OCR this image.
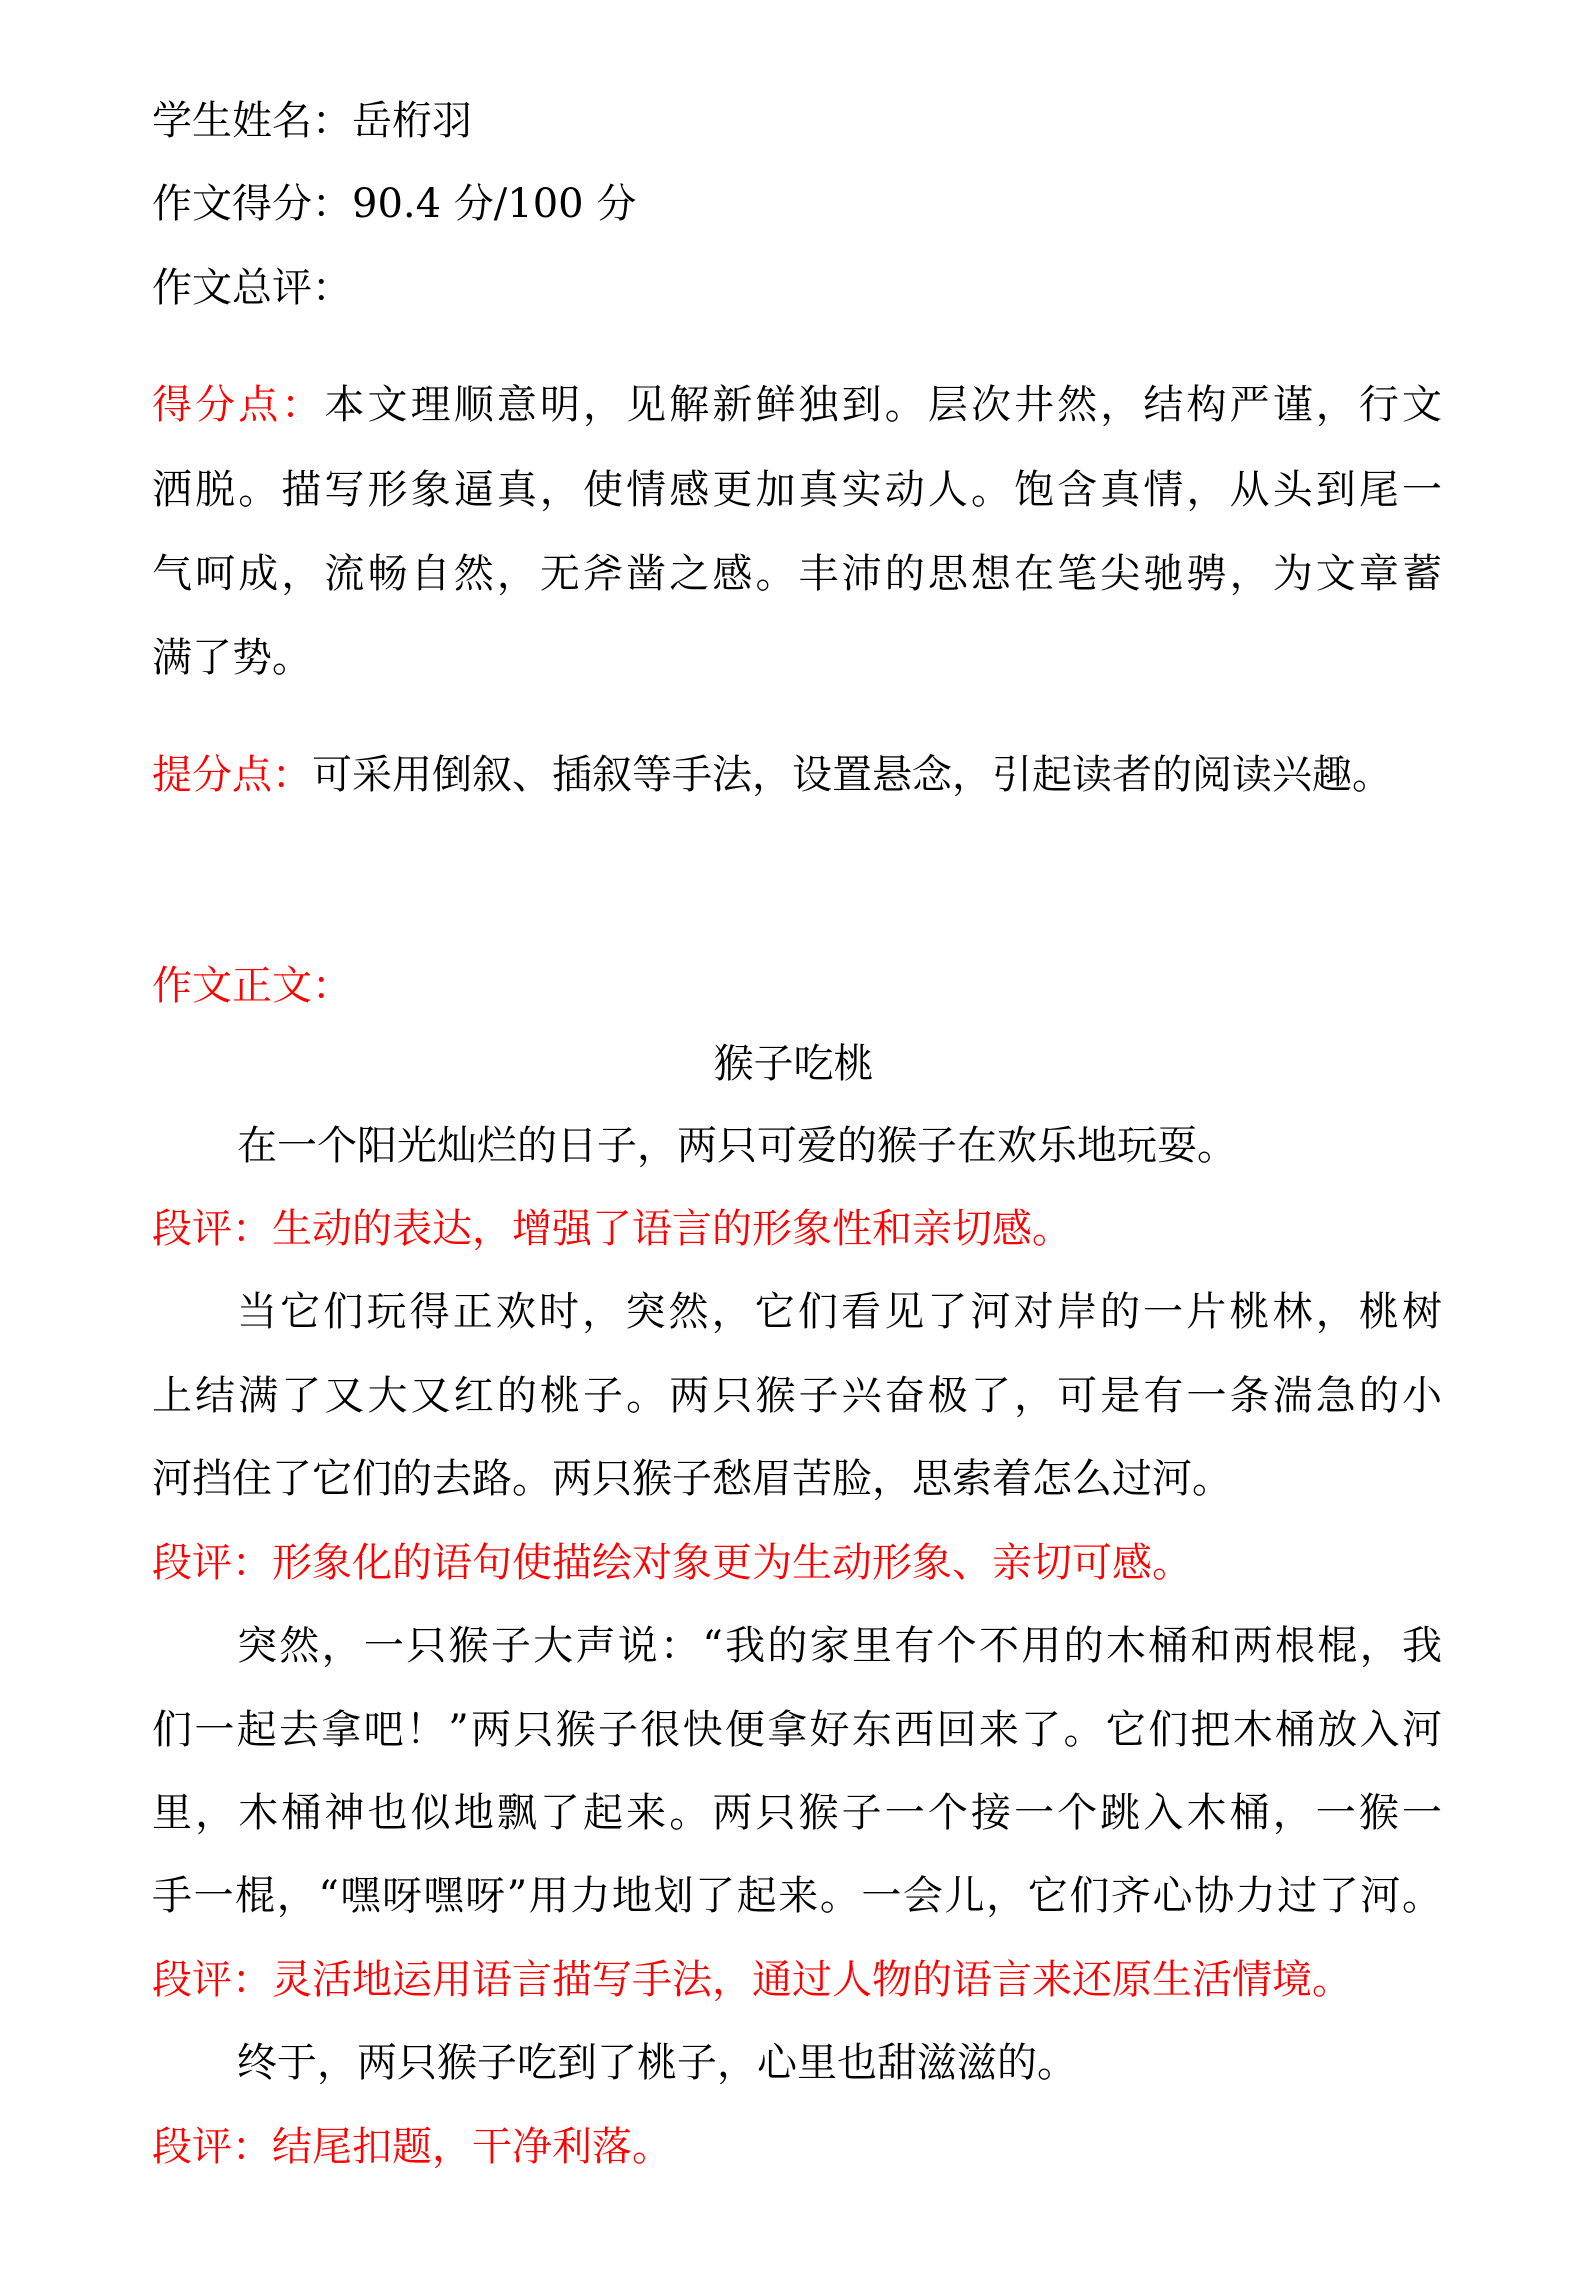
学生姓名：岳桁羽
作文得分：90.4 分/100 分
作文总评：
得分点：本文理顺意明，见解新鲜独到。层次井然，结构严谨，行文
洒脱。描写形象逼真，使情感更加真实动人。饱含真情，从头到尾一
气呵成，流畅自然，无斧凿之感。丰沛的思想在笔尖驰骋，为文章蓄
满了势。
提分点：可采用倒叙、插叙等手法，设置悬念，引起读者的阅读兴趣。
作文正文：
猴子吃桃
在一个阳光灿烂的日子，两只可爱的猴子在欢乐地玩耍。
段评：生动的表达，增强了语言的形象性和亲切感。
当它们玩得正欢时，突然，它们看见了河对岸的一片桃林，桃树
上结满了又大又红的桃子。两只猴子兴奋极了，可是有一条湍急的小
河挡住了它们的去路。两只猴子愁眉苦脸，思索着怎么过河。
段评：形象化的语句使描绘对象更为生动形象、亲切可感。
突然，一只猴子大声说：“我的家里有个不用的木桶和两根棍，我
们一起去拿吧！”两只猴子很快便拿好东西回来了。它们把木桶放入河
里，木桶神也似地飘了起来。两只猴子一个接一个跳入木桶，一猴一
手一棍，“嘿呀嘿呀”用力地划了起来。一会儿，它们齐心协力过了河。
段评：灵活地运用语言描写手法，通过人物的语言来还原生活情境。
终于，两只猴子吃到了桃子，心里也甜滋滋的。
段评：结尾扣题，干净利落。
